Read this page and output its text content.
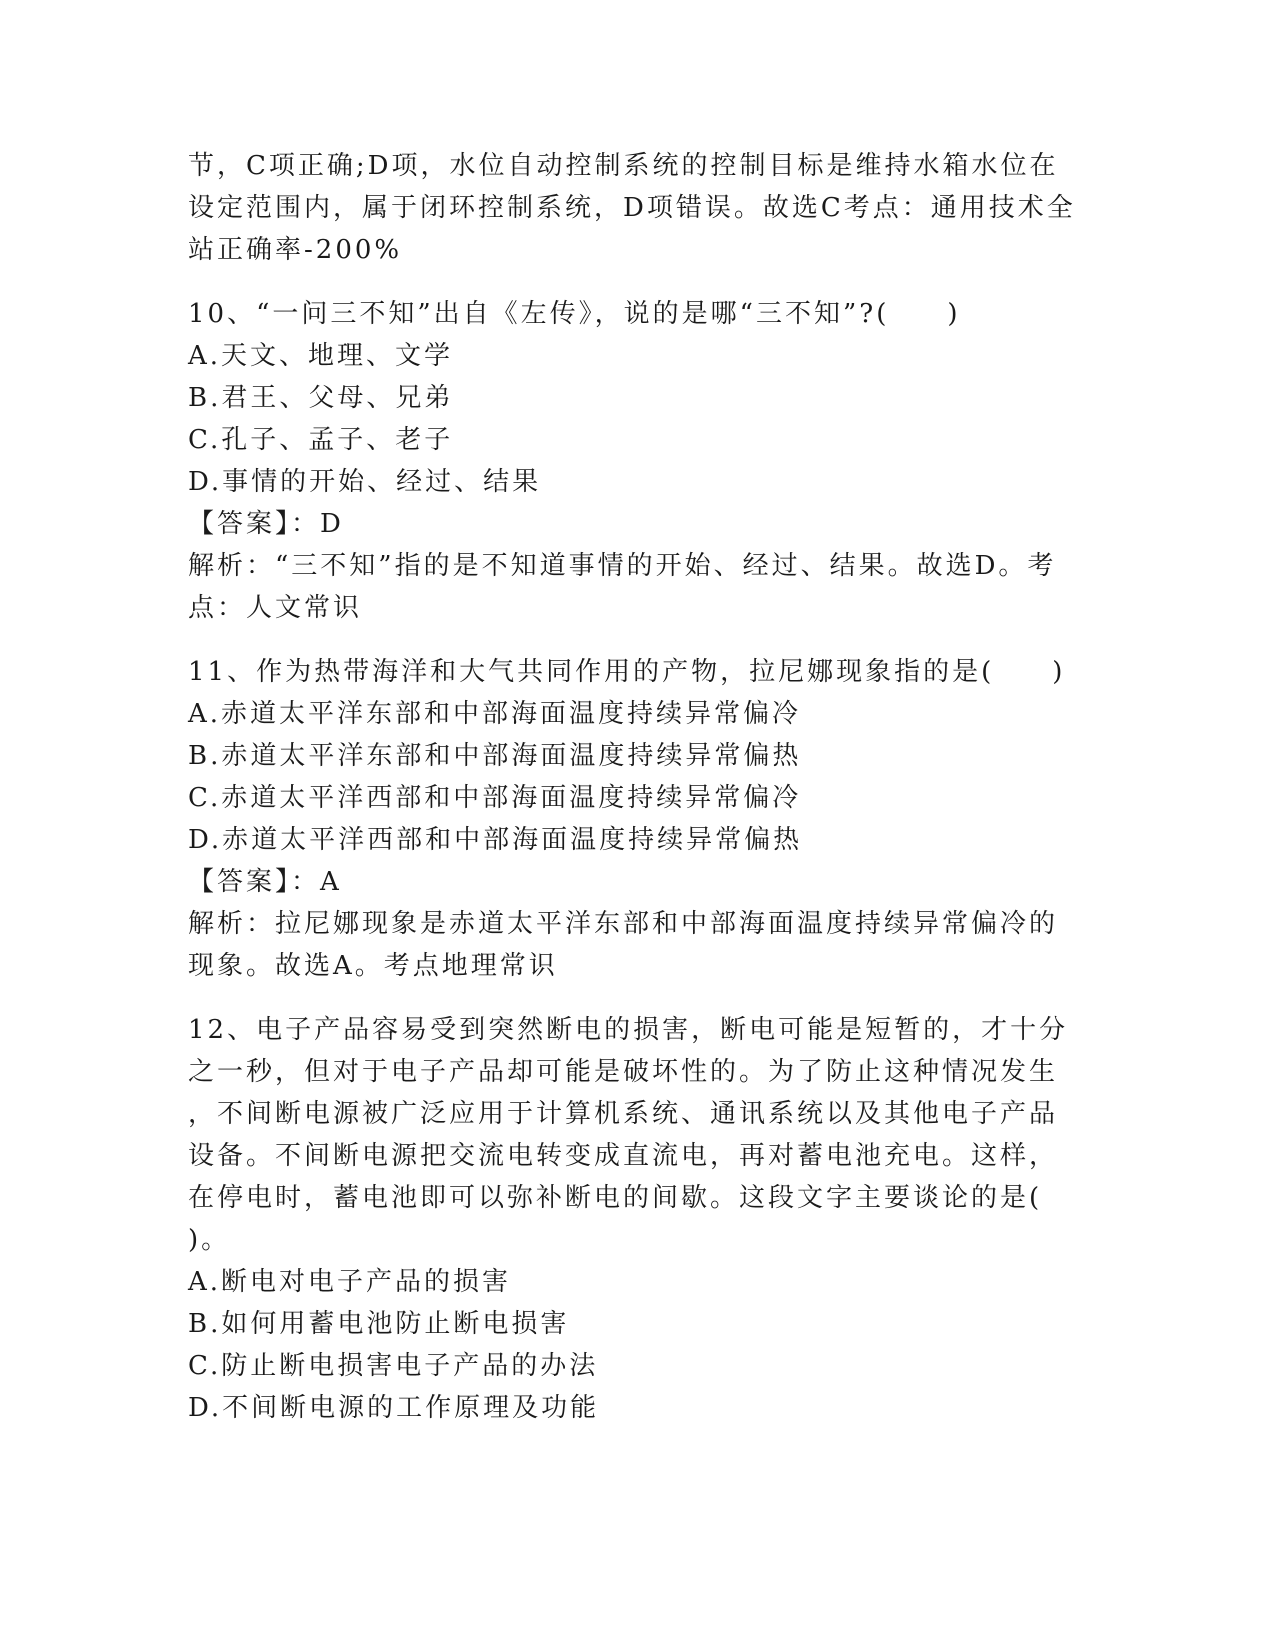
节，C项正确;D项，水位自动控制系统的控制目标是维持水箱水位在
设定范围内，属于闭环控制系统，D项错误。故选C考点：通用技术全
站正确率-200%
10、“一问三不知”出自《左传》，说的是哪“三不知”?(　　)
A.天文、地理、文学
B.君王、父母、兄弟
C.孔子、孟子、老子
D.事情的开始、经过、结果
【答案】：D
解析：“三不知”指的是不知道事情的开始、经过、结果。故选D。考
点：人文常识
11、作为热带海洋和大气共同作用的产物，拉尼娜现象指的是(　　)
A.赤道太平洋东部和中部海面温度持续异常偏冷
B.赤道太平洋东部和中部海面温度持续异常偏热
C.赤道太平洋西部和中部海面温度持续异常偏冷
D.赤道太平洋西部和中部海面温度持续异常偏热
【答案】：A
解析：拉尼娜现象是赤道太平洋东部和中部海面温度持续异常偏冷的
现象。故选A。考点地理常识
12、电子产品容易受到突然断电的损害，断电可能是短暂的，才十分
之一秒，但对于电子产品却可能是破坏性的。为了防止这种情况发生
，不间断电源被广泛应用于计算机系统、通讯系统以及其他电子产品
设备。不间断电源把交流电转变成直流电，再对蓄电池充电。这样，
在停电时，蓄电池即可以弥补断电的间歇。这段文字主要谈论的是(
)。
A.断电对电子产品的损害
B.如何用蓄电池防止断电损害
C.防止断电损害电子产品的办法
D.不间断电源的工作原理及功能
